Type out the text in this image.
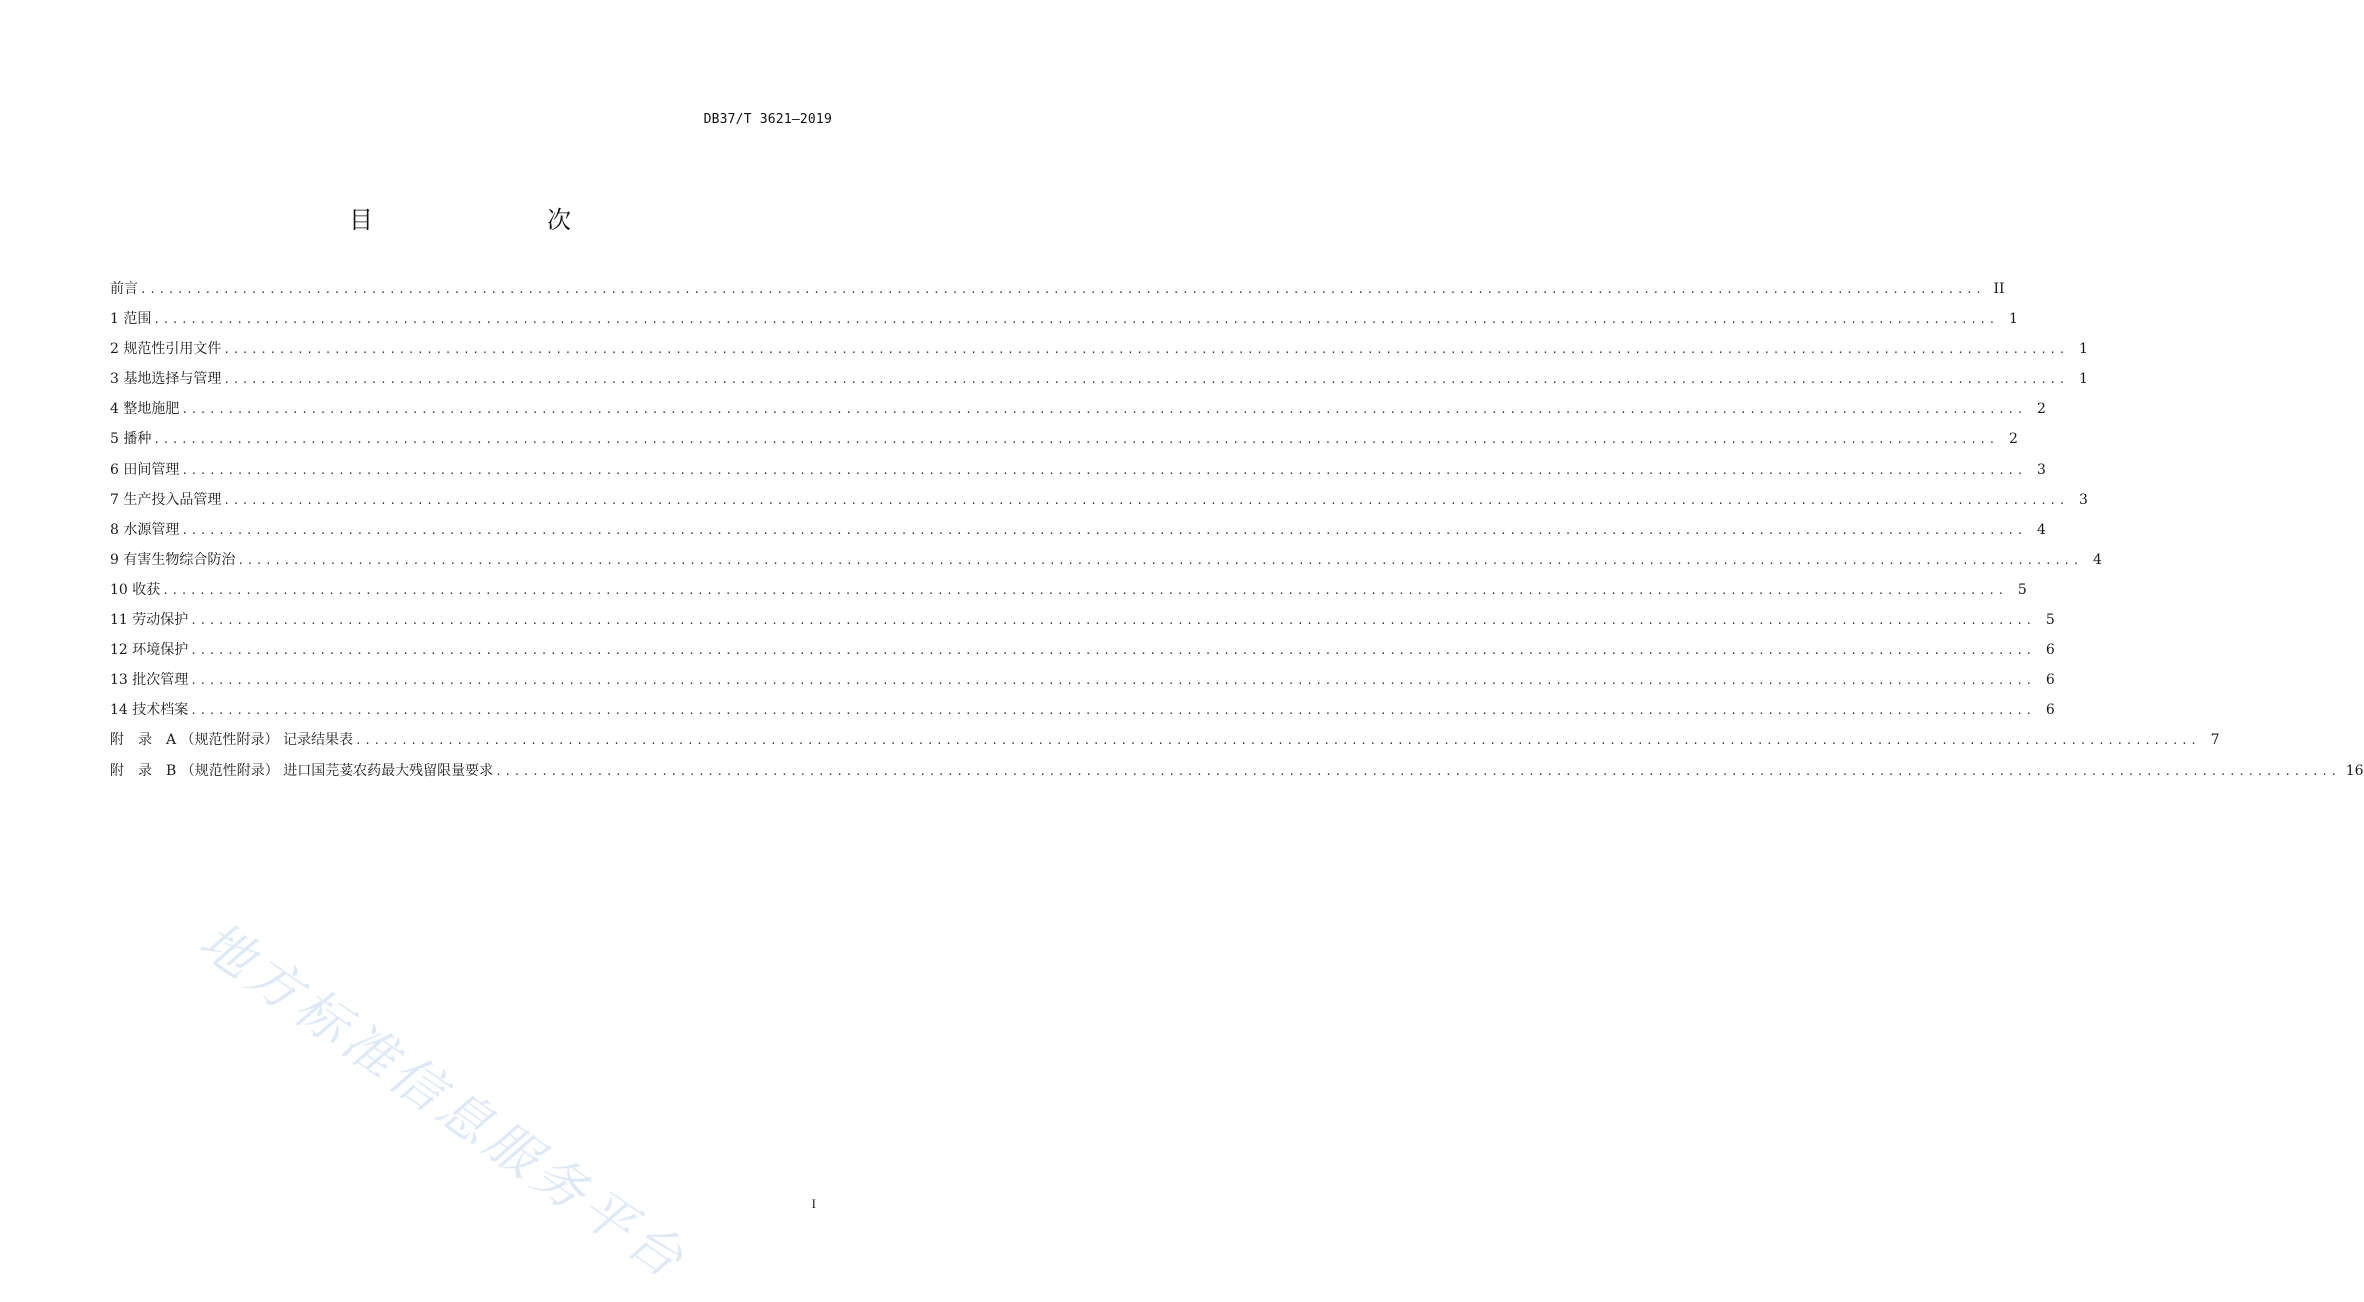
DB37/T 3621—2019
目　　次
前言 ........................................................................................................................................................................................................ II
1 范围 ........................................................................................................................................................................................................ 1
2 规范性引用文件 ........................................................................................................................................................................................................ 1
3 基地选择与管理 ........................................................................................................................................................................................................ 1
4 整地施肥 ........................................................................................................................................................................................................ 2
5 播种 ........................................................................................................................................................................................................ 2
6 田间管理 ........................................................................................................................................................................................................ 3
7 生产投入品管理 ........................................................................................................................................................................................................ 3
8 水源管理 ........................................................................................................................................................................................................ 4
9 有害生物综合防治 ........................................................................................................................................................................................................ 4
10 收获 ........................................................................................................................................................................................................ 5
11 劳动保护 ........................................................................................................................................................................................................ 5
12 环境保护 ........................................................................................................................................................................................................ 6
13 批次管理 ........................................................................................................................................................................................................ 6
14 技术档案 ........................................................................................................................................................................................................ 6
附　录　A （规范性附录） 记录结果表 ........................................................................................................................................................................................................ 7
附　录　B （规范性附录） 进口国芫荽农药最大残留限量要求 ........................................................................................................................................................................................................ 16
地方标准信息服务平台	I
